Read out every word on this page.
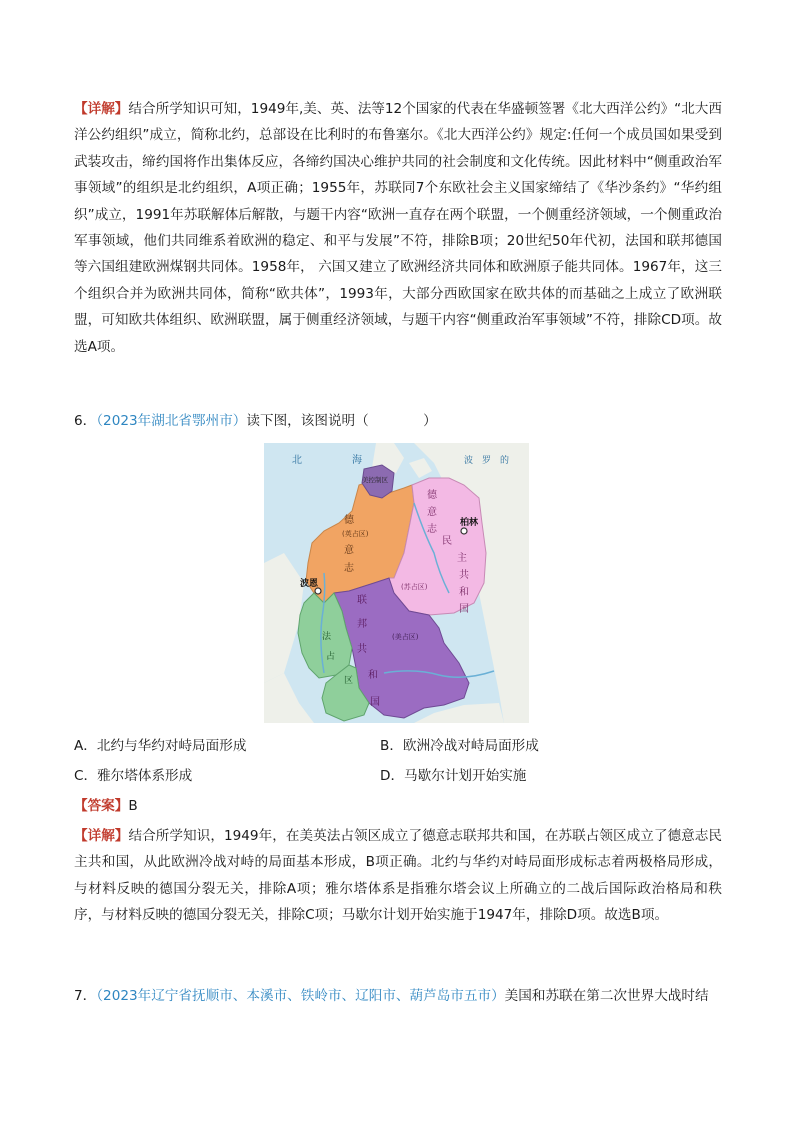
【详解】结合所学知识可知，1949年,美、英、法等12个国家的代表在华盛顿签署《北大西洋公约》“北大西洋公约组织”成立，简称北约，总部设在比利时的布鲁塞尔。《北大西洋公约》规定:任何一个成员国如果受到武装攻击，缔约国将作出集体反应，各缔约国决心维护共同的社会制度和文化传统。因此材料中“侧重政治军事领域”的组织是北约组织，A项正确；1955年，苏联同7个东欧社会主义国家缔结了《华沙条约》“华约组织”成立，1991年苏联解体后解散，与题干内容“欧洲一直存在两个联盟，一个侧重经济领域，一个侧重政治军事领域，他们共同维系着欧洲的稳定、和平与发展”不符，排除B项；20世纪50年代初，法国和联邦德国等六国组建欧洲煤钢共同体。1958年， 六国又建立了欧洲经济共同体和欧洲原子能共同体。1967年，这三个组织合并为欧洲共同体，简称“欧共体”，1993年，大部分西欧国家在欧共体的而基础之上成立了欧洲联盟，可知欧共体组织、欧洲联盟，属于侧重经济领域，与题干内容“侧重政治军事领域”不符，排除CD项。故选A项。
6．（2023年湖北省鄂州市）读下图，该图说明（　　　　）
北	海	波　罗　的
美控制区
德
(英占区)
意
志
德
意
志
民
主
共
和
国
柏林
(苏占区)
波恩
联
邦
共
和
国
(美占区)
法
占
区
A．北约与华约对峙局面形成	B．欧洲冷战对峙局面形成
C．雅尔塔体系形成	D．马歇尔计划开始实施
【答案】B
【详解】结合所学知识，1949年，在美英法占领区成立了德意志联邦共和国，在苏联占领区成立了德意志民主共和国，从此欧洲冷战对峙的局面基本形成，B项正确。北约与华约对峙局面形成标志着两极格局形成，与材料反映的德国分裂无关，排除A项；雅尔塔体系是指雅尔塔会议上所确立的二战后国际政治格局和秩序，与材料反映的德国分裂无关，排除C项；马歇尔计划开始实施于1947年，排除D项。故选B项。
7．（2023年辽宁省抚顺市、本溪市、铁岭市、辽阳市、葫芦岛市五市）美国和苏联在第二次世界大战时结
